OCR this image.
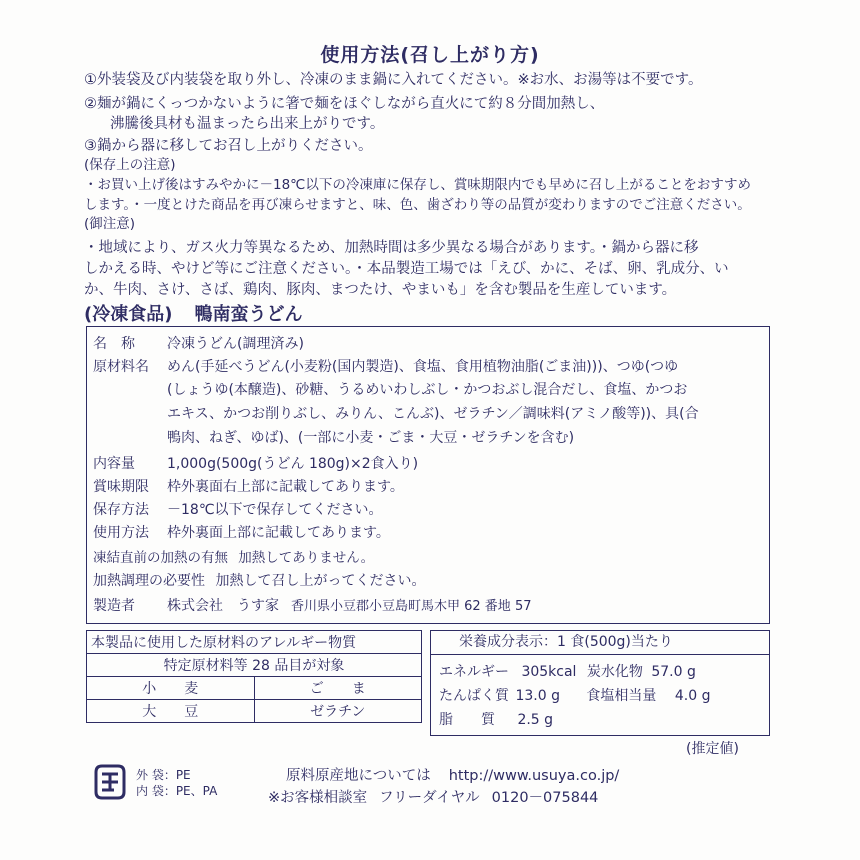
使用方法(召し上がり方)
①外装袋及び内装袋を取り外し、冷凍のまま鍋に入れてください。※お水、お湯等は不要です。
②麺が鍋にくっつかないように箸で麺をほぐしながら直火にて約８分間加熱し、
沸騰後具材も温まったら出来上がりです。
③鍋から器に移してお召し上がりください。
(保存上の注意)
・お買い上げ後はすみやかに－18℃以下の冷凍庫に保存し、賞味期限内でも早めに召し上がることをおすすめ
します。・一度とけた商品を再び凍らせますと、味、色、歯ざわり等の品質が変わりますのでご注意ください。
(御注意)
・地域により、ガス火力等異なるため、加熱時間は多少異なる場合があります。・鍋から器に移
しかえる時、やけど等にご注意ください。・本品製造工場では「えび、かに、そば、卵、乳成分、い
か、牛肉、さけ、さば、鶏肉、豚肉、まつたけ、やまいも」を含む製品を生産しています。
(冷凍食品) 鴨南蛮うどん
名　称 冷凍うどん(調理済み)
原材料名 めん(手延べうどん(小麦粉(国内製造)、食塩、食用植物油脂(ごま油)))、つゆ(つゆ
(しょうゆ(本醸造)、砂糖、うるめいわしぶし・かつおぶし混合だし、食塩、かつお
エキス、かつお削りぶし、みりん、こんぶ)、ゼラチン／調味料(アミノ酸等))、具(合
鴨肉、ねぎ、ゆば)、(一部に小麦・ごま・大豆・ゼラチンを含む)
内容量 1,000g(500g(うどん 180g)×2食入り)
賞味期限 枠外裏面右上部に記載してあります。
保存方法 －18℃以下で保存してください。
使用方法 枠外裏面上部に記載してあります。
凍結直前の加熱の有無 加熱してありません。
加熱調理の必要性 加熱して召し上がってください。
製造者 株式会社　うす家 香川県小豆郡小豆島町馬木甲 62 番地 57
本製品に使用した原材料のアレルギー物質	
特定原材料等 28 品目が対象	
小　　麦	ご　　ま
大　　豆	ゼラチン
栄養成分表示：1 食(500g)当たり
エネルギー 305kcal 炭水化物 57.0 g
たんぱく質 13.0 g 食塩相当量 4.0 g
脂　　質 2.5 g
(推定値)
外 袋：PE
内 袋：PE、PA
原料原産地については http://www.usuya.co.jp/
※お客様相談室 フリーダイヤル 0120－075844
